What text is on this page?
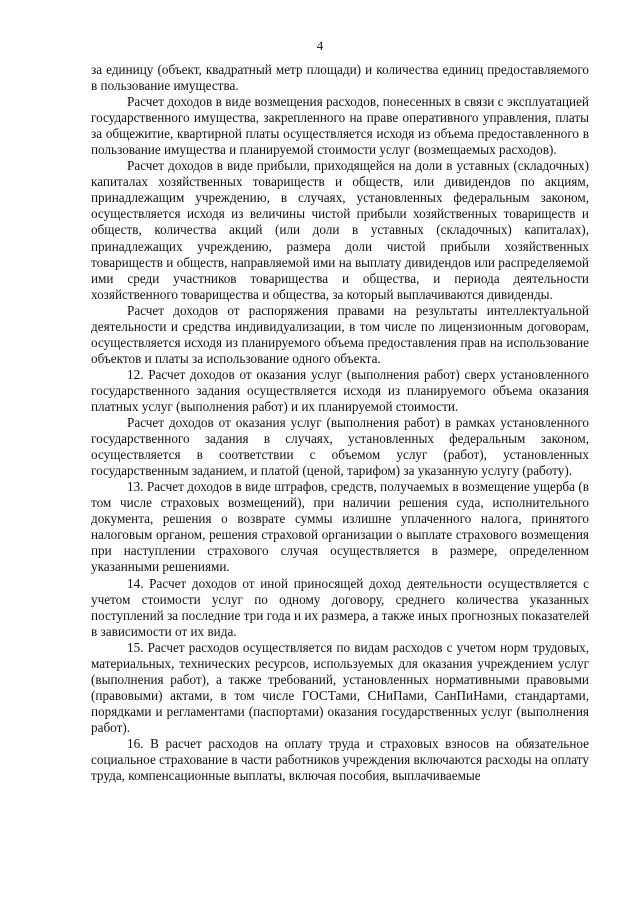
4

за единицу (объект, квадратный метр площади) и количества единиц предоставляемого в пользование имущества.

Расчет доходов в виде возмещения расходов, понесенных в связи с эксплуатацией государственного имущества, закрепленного на праве оперативного управления, платы за общежитие, квартирной платы осуществляется исходя из объема предоставленного в пользование имущества и планируемой стоимости услуг (возмещаемых расходов).

Расчет доходов в виде прибыли, приходящейся на доли в уставных (складочных) капиталах хозяйственных товариществ и обществ, или дивидендов по акциям, принадлежащим учреждению, в случаях, установленных федеральным законом, осуществляется исходя из величины чистой прибыли хозяйственных товариществ и обществ, количества акций (или доли в уставных (складочных) капиталах), принадлежащих учреждению, размера доли чистой прибыли хозяйственных товариществ и обществ, направляемой ими на выплату дивидендов или распределяемой ими среди участников товарищества и общества, и периода деятельности хозяйственного товарищества и общества, за который выплачиваются дивиденды.

Расчет доходов от распоряжения правами на результаты интеллектуальной деятельности и средства индивидуализации, в том числе по лицензионным договорам, осуществляется исходя из планируемого объема предоставления прав на использование объектов и платы за использование одного объекта.

12. Расчет доходов от оказания услуг (выполнения работ) сверх установленного государственного задания осуществляется исходя из планируемого объема оказания платных услуг (выполнения работ) и их планируемой стоимости.

Расчет доходов от оказания услуг (выполнения работ) в рамках установленного государственного задания в случаях, установленных федеральным законом, осуществляется в соответствии с объемом услуг (работ), установленных государственным заданием, и платой (ценой, тарифом) за указанную услугу (работу).

13. Расчет доходов в виде штрафов, средств, получаемых в возмещение ущерба (в том числе страховых возмещений), при наличии решения суда, исполнительного документа, решения о возврате суммы излишне уплаченного налога, принятого налоговым органом, решения страховой организации о выплате страхового возмещения при наступлении страхового случая осуществляется в размере, определенном указанными решениями.

14. Расчет доходов от иной приносящей доход деятельности осуществляется с учетом стоимости услуг по одному договору, среднего количества указанных поступлений за последние три года и их размера, а также иных прогнозных показателей в зависимости от их вида.

15. Расчет расходов осуществляется по видам расходов с учетом норм трудовых, материальных, технических ресурсов, используемых для оказания учреждением услуг (выполнения работ), а также требований, установленных нормативными правовыми (правовыми) актами, в том числе ГОСТами, СНиПами, СанПиНами, стандартами, порядками и регламентами (паспортами) оказания государственных услуг (выполнения работ).

16. В расчет расходов на оплату труда и страховых взносов на обязательное социальное страхование в части работников учреждения включаются расходы на оплату труда, компенсационные выплаты, включая пособия, выплачиваемые
